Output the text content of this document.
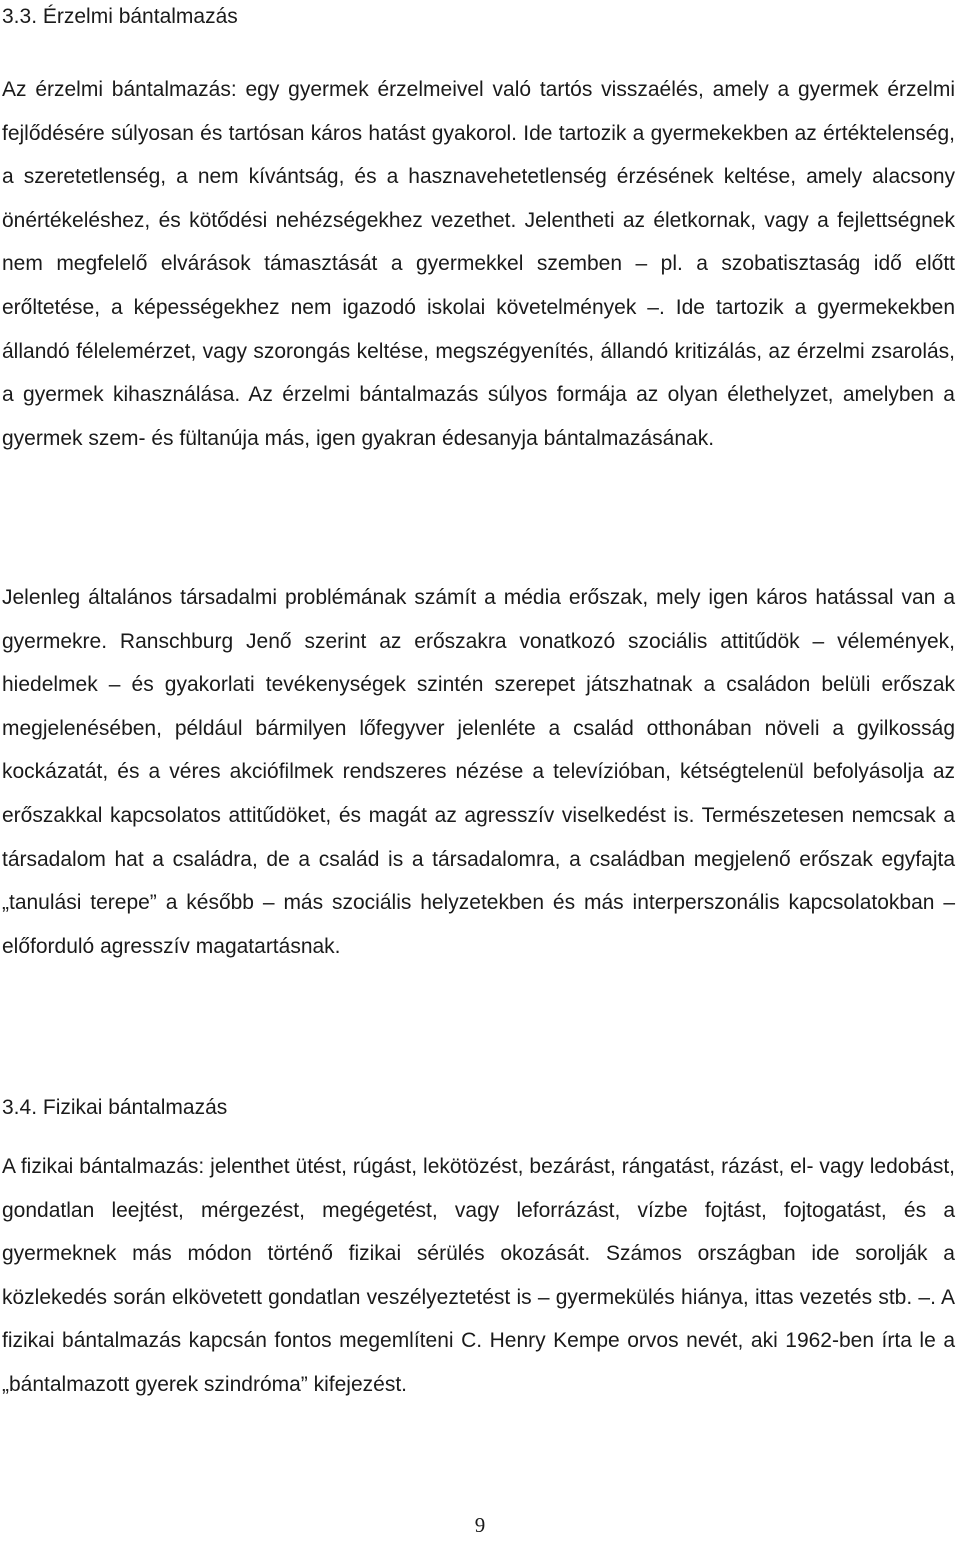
3.3. Érzelmi bántalmazás

Az érzelmi bántalmazás: egy gyermek érzelmeivel való tartós visszaélés, amely a gyermek érzelmi fejlődésére súlyosan és tartósan káros hatást gyakorol. Ide tartozik a gyermekekben az értéktelenség, a szeretetlenség, a nem kívántság, és a hasznavehetetlenség érzésének keltése, amely alacsony önértékeléshez, és kötődési nehézségekhez vezethet. Jelentheti az életkornak, vagy a fejlettségnek nem megfelelő elvárások támasztását a gyermekkel szemben – pl. a szobatisztaság idő előtt erőltetése, a képességekhez nem igazodó iskolai követelmények –. Ide tartozik a gyermekekben állandó félelemérzet, vagy szorongás keltése, megszégyenítés, állandó kritizálás, az érzelmi zsarolás, a gyermek kihasználása. Az érzelmi bántalmazás súlyos formája az olyan élethelyzet, amelyben a gyermek szem- és fültanúja más, igen gyakran édesanyja bántalmazásának.

Jelenleg általános társadalmi problémának számít a média erőszak, mely igen káros hatással van a gyermekre. Ranschburg Jenő szerint az erőszakra vonatkozó szociális attitűdök – vélemények, hiedelmek – és gyakorlati tevékenységek szintén szerepet játszhatnak a családon belüli erőszak megjelenésében, például bármilyen lőfegyver jelenléte a család otthonában növeli a gyilkosság kockázatát, és a véres akciófilmek rendszeres nézése a televízióban, kétségtelenül befolyásolja az erőszakkal kapcsolatos attitűdöket, és magát az agresszív viselkedést is. Természetesen nemcsak a társadalom hat a családra, de a család is a társadalomra, a családban megjelenő erőszak egyfajta „tanulási terepe” a később – más szociális helyzetekben és más interperszonális kapcsolatokban – előforduló agresszív magatartásnak.

3.4. Fizikai bántalmazás

A fizikai bántalmazás: jelenthet ütést, rúgást, lekötözést, bezárást, rángatást, rázást, el- vagy ledobást, gondatlan leejtést, mérgezést, megégetést, vagy leforrázást, vízbe fojtást, fojtogatást, és a gyermeknek más módon történő fizikai sérülés okozását. Számos országban ide sorolják a közlekedés során elkövetett gondatlan veszélyeztetést is – gyermekülés hiánya, ittas vezetés stb. –. A fizikai bántalmazás kapcsán fontos megemlíteni C. Henry Kempe orvos nevét, aki 1962-ben írta le a „bántalmazott gyerek szindróma” kifejezést.

9
